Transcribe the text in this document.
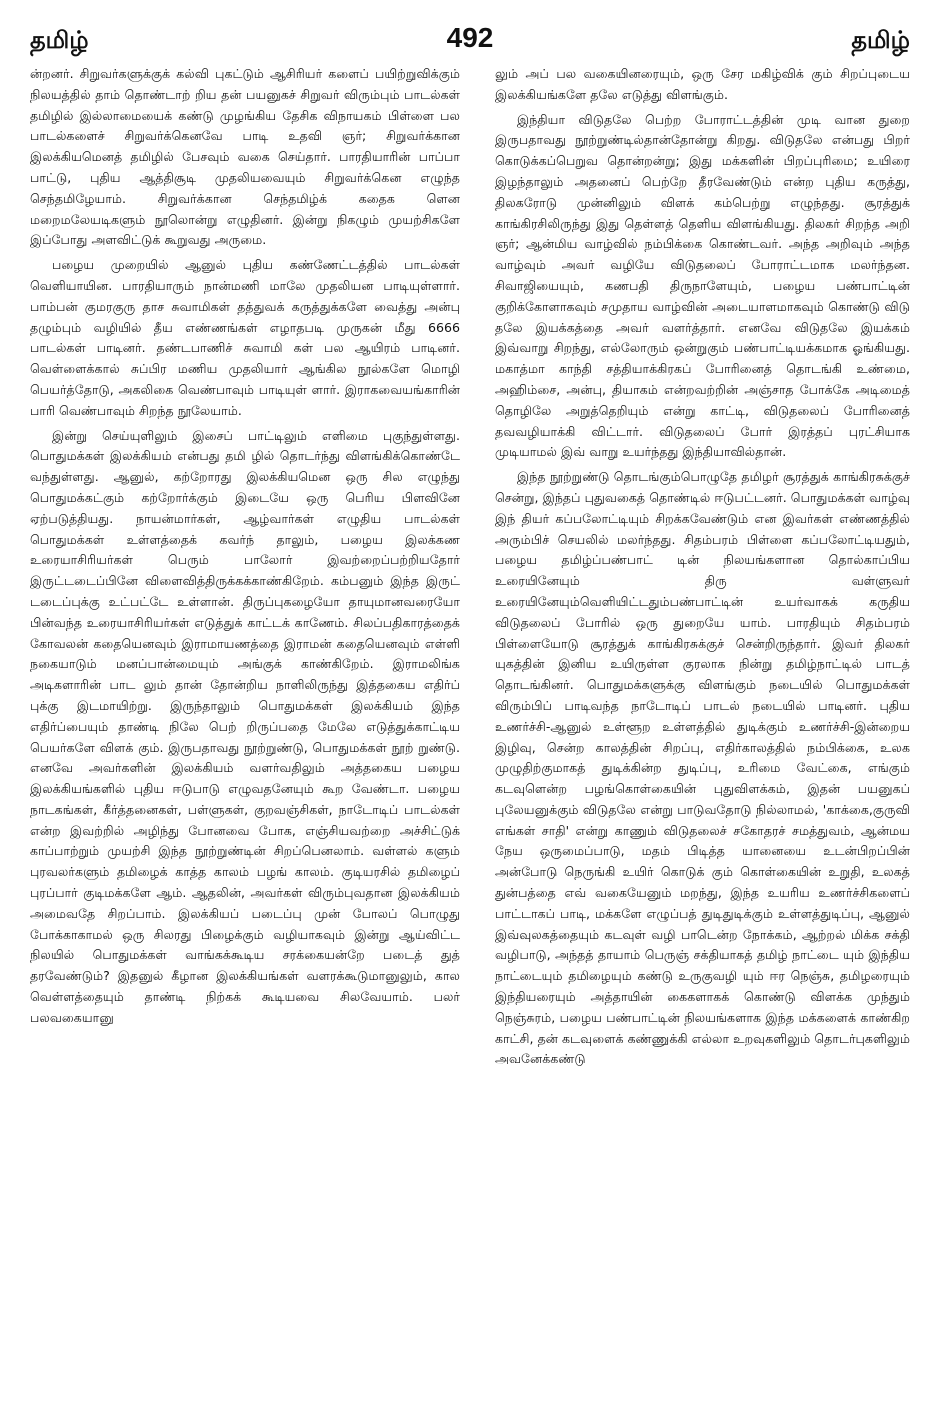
தமிழ்	492	தமிழ்

ன்றனர். சிறுவர்களுக்குக் கல்வி புகட்டும் ஆசிரியர் களைப் பயிற்றுவிக்கும் நிலயத்தில் தாம் தொண்டாற் றிய தன் பயனுகச் சிறுவர் விரும்பும் பாடல்கள் தமிழில் இல்லாமையைக் கண்டு முழங்கிய தேசிக விநாயகம் பிள்ளை பல பாடல்களைச் சிறுவர்க்கெனவே பாடி உதவி ஞர்; சிறுவர்க்கான இலக்கியமெனத் தமிழில் பேசவும் வகை செய்தார். பாரதியாரின் பாப்பா பாட்டு, புதிய ஆத்திசூடி முதலியவையும் சிறுவர்க்கென எழுந்த செந்தமிழேயாம். சிறுவர்க்கான செந்தமிழ்க் கதைக ளென மறைமலேயடிகளும் நூலொன்று எழுதினர். இன்று நிகழும் முயற்சிகளே இப்போது அளவிட்டுக் கூறுவது அருமை.

பழைய முறையில் ஆனுல் புதிய கண்ணேட்டத்தில் பாடல்கள் வெளியாயின. பாரதியாரும் நான்மணி மாலே முதலியன பாடியுள்ளார். பாம்பன் குமரகுரு தாச சுவாமிகள் தத்துவக் கருத்துக்களே வைத்து அன்பு தழும்பும் வழியில் தீய எண்ணங்கள் எழாதபடி முருகன் மீது 6666 பாடல்கள் பாடினர். தண்டபாணிச் சுவாமி கள் பல ஆயிரம் பாடினர். வெள்ளைக்கால் சுப்பிர மணிய முதலியார் ஆங்கில நூல்களே மொழி பெயர்த்தோடு, அகலிகை வெண்பாவும் பாடியுள் ளார். இராகவையங்காரின் பாரி வெண்பாவும் சிறந்த நூலேயாம்.

இன்று செய்யுளிலும் இசைப் பாட்டிலும் எளிமை புகுந்துள்ளது. பொதுமக்கள் இலக்கியம் என்பது தமி ழில் தொடர்ந்து விளங்கிக்கொண்டே வந்துள்ளது. ஆனுல், கற்றோரது இலக்கியமென ஒரு சில எழுந்து பொதுமக்கட்கும் கற்றோர்க்கும் இடையே ஒரு பெரிய பிளவினே ஏற்படுத்தியது. நாயன்மார்கள், ஆழ்வார்கள் எழுதிய பாடல்கள் பொதுமக்கள் உள்ளத்தைக் கவர்ந் தாலும், பழைய இலக்கண உரையாசிரியர்கள் பெரும் பாலோர் இவற்றைப்பற்றியதோர் இருட்டடைப்பினே விளைவித்திருக்கக்காண்கிறேம். கம்பனும் இந்த இருட் டடைப்புக்கு உட்பட்டே உள்ளான். திருப்புகழையோ தாயுமானவரையோ பின்வந்த உரையாசிரியர்கள் எடுத்துக் காட்டக் காணேம். சிலப்பதிகாரத்தைக் கோவலன் கதையெனவும் இராமாயணத்தை இராமன் கதையெனவும் எள்ளி நகையாடும் மனப்பான்மையும் அங்குக் காண்கிறேம். இராமலிங்க அடிகளாரின் பாட லும் தான் தோன்றிய நாளிலிருந்து இத்தகைய எதிர்ப் புக்கு இடமாயிற்று. இருந்தாலும் பொதுமக்கள் இலக்கியம் இந்த எதிர்ப்பையும் தாண்டி நிலே பெற் றிருப்பதை மேலே எடுத்துக்காட்டிய பெயர்களே விளக் கும். இருபதாவது நூற்றுண்டு, பொதுமக்கள் நூற் றுண்டு. எனவே அவர்களின் இலக்கியம் வளர்வதிலும் அத்தகைய பழைய இலக்கியங்களில் புதிய ஈடுபாடு எழுவதனேயும் கூற வேண்டா. பழைய நாடகங்கள், கீர்த்தனைகள், பள்ளுகள், குறவஞ்சிகள், நாடோடிப் பாடல்கள் என்ற இவற்றில் அழிந்து போனவை போக, எஞ்சியவற்றை அச்சிட்டுக் காப்பாற்றும் முயற்சி இந்த நூற்றுண்டின் சிறப்பெனலாம். வள்ளல் களும் புரவலர்களும் தமிழைக் காத்த காலம் பழங் காலம். குடியரசில் தமிழைப் புரப்பார் குடிமக்களே ஆம். ஆதலின், அவர்கள் விரும்புவதான இலக்கியம் அமைவதே சிறப்பாம். இலக்கியப் படைப்பு முன் போலப் பொழுது போக்காகாமல் ஒரு சிலரது பிழைக்கும் வழியாகவும் இன்று ஆய்விட்ட நிலயில் பொதுமக்கள் வாங்கக்கூடிய சரக்கையன்றே படைத் துத் தரவேண்டும்? இதனுல் கீழான இலக்கியங்கள் வளரக்கூடுமானுலும், கால வெள்ளத்தையும் தாண்டி நிற்கக் கூடியவை சிலவேயாம். பலர் பலவகையானு

லும் அப் பல வகையினரையும், ஒரு சேர மகிழ்விக் கும் சிறப்புடைய இலக்கியங்களே தலே எடுத்து விளங்கும்.

இந்தியா விடுதலே பெற்ற போராட்டத்தின் முடி வான துறை இருபதாவது நூற்றுண்டில்தான்தோன்று கிறது. விடுதலே என்பது பிறர் கொடுக்கப்பெறுவ தொன்றன்று; இது மக்களின் பிறப்புரிமை; உயிரை இழந்தாலும் அதனைப் பெற்றே தீரவேண்டும் என்ற புதிய கருத்து, திலகரோடு முன்னிலும் விளக் கம்பெற்று எழுந்தது. சூரத்துக் காங்கிரசிலிருந்து இது தெள்ளத் தெளிய விளங்கியது. திலகர் சிறந்த அறி ஞர்; ஆன்மிய வாழ்வில் நம்பிக்கை கொண்டவர். அந்த அறிவும் அந்த வாழ்வும் அவர் வழியே விடுதலைப் போராட்டமாக மலர்ந்தன. சிவாஜியையும், கணபதி திருநாளேயும், பழைய பண்பாட்டின் குறிக்கோளாகவும் சமுதாய வாழ்வின் அடையாளமாகவும் கொண்டு விடு தலே இயக்கத்தை அவர் வளர்த்தார். எனவே விடுதலே இயக்கம் இவ்வாறு சிறந்து, எல்லோரும் ஒன்றுகும் பண்பாட்டியக்கமாக ஓங்கியது. மகாத்மா காந்தி சத்தியாக்கிரகப் போரினைத் தொடங்கி உண்மை, அஹிம்சை, அன்பு, தியாகம் என்றவற்றின் அஞ்சாத போக்கே அடிமைத் தொழிலே அறுத்தெறியும் என்று காட்டி, விடுதலைப் போரினைத் தவவழியாக்கி விட்டார். விடுதலைப் போர் இரத்தப் புரட்சியாக முடியாமல் இவ் வாறு உயர்ந்தது இந்தியாவில்தான்.

இந்த நூற்றுண்டு தொடங்கும்பொழுதே தமிழர் சூரத்துக் காங்கிரசுக்குச் சென்று, இந்தப் புதுவகைத் தொண்டில் ஈடுபட்டனர். பொதுமக்கள் வாழ்வு இந் தியர் கப்பலோட்டியும் சிறக்கவேண்டும் என இவர்கள் எண்ணத்தில் அரும்பிச் செயலில் மலர்ந்தது. சிதம்பரம் பிள்ளை கப்பலோட்டியதும், பழைய தமிழ்ப்பண்பாட் டின் நிலயங்களான தொல்காப்பிய உரையினேயும் திரு வள்ளுவர் உரையினேயும்வெளியிட்டதும்பண்பாட்டின் உயர்வாகக் கருதிய விடுதலைப் போரில் ஒரு துறையே யாம். பாரதியும் சிதம்பரம் பிள்ளையோடு சூரத்துக் காங்கிரசுக்குச் சென்றிருந்தார். இவர் திலகர் யுகத்தின் இனிய உயிருள்ள குரலாக நின்று தமிழ்நாட்டில் பாடத் தொடங்கினர். பொதுமக்களுக்கு விளங்கும் நடையில் பொதுமக்கள் விரும்பிப் பாடிவந்த நாடோடிப் பாடல் நடையில் பாடினர். புதிய உணர்ச்சி-ஆனுல் உள்ளூற உள்ளத்தில் துடிக்கும் உணர்ச்சி-இன்றைய இழிவு, சென்ற காலத்தின் சிறப்பு, எதிர்காலத்தில் நம்பிக்கை, உலக முழுதிற்குமாகத் துடிக்கின்ற துடிப்பு, உரிமை வேட்கை, எங்கும் கடவுளென்ற பழங்கொள்கையின் புதுவிளக்கம், இதன் பயனுகப் புலேயனுக்கும் விடுதலே என்று பாடுவதோடு நில்லாமல், 'காக்கை,குருவி எங்கள் சாதி' என்று காணும் விடுதலைச் சகோதரச் சமத்துவம், ஆன்மய நேய ஒருமைப்பாடு, மதம் பிடித்த யானையை உடன்பிறப்பின் அன்போடு நெருங்கி உயிர் கொடுக் கும் கொள்கையின் உறுதி, உலகத் துன்பத்தை எவ் வகையேனும் மறந்து, இந்த உயரிய உணர்ச்சிகளைப் பாட்டாகப் பாடி, மக்களே எழுப்பத் துடிதுடிக்கும் உள்ளத்துடிப்பு, ஆனுல் இவ்வுலகத்தையும் கடவுள் வழி பாடென்ற நோக்கம், ஆற்றல் மிக்க சக்தி வழிபாடு, அந்தத் தாயாம் பெருஞ் சக்தியாகத் தமிழ் நாட்டை யும் இந்திய நாட்டையும் தமிழையும் கண்டு உருகுவழி யும் ஈர நெஞ்சு, தமிழரையும் இந்தியரையும் அத்தாயின் கைகளாகக் கொண்டு விளக்க முந்தும் நெஞ்சுரம், பழைய பண்பாட்டின் நிலயங்களாக இந்த மக்களைக் காண்கிற காட்சி, தன் கடவுளைக் கண்ணுக்கி எல்லா உறவுகளிலும் தொடர்புகளிலும் அவனேக்கண்டு
